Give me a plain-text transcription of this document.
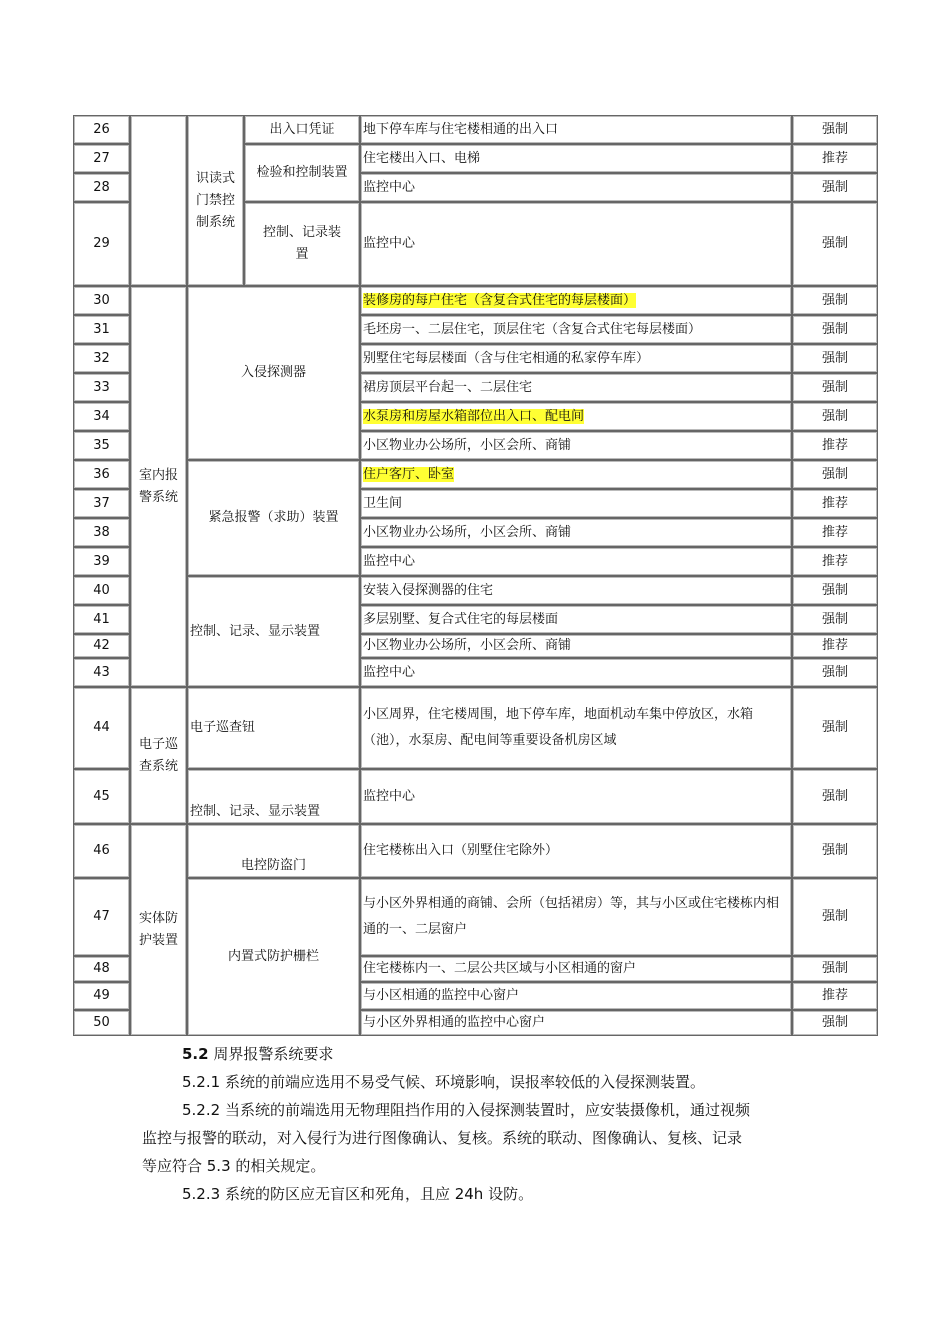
26		识读式门禁控制系统	出入口凭证	地下停车库与住宅楼相通的出入口	强制
27			检验和控制装置	住宅楼出入口、电梯	推荐
28				监控中心	强制
29			控制、记录装置	监控中心	强制
30	室内报警系统	入侵探测器		装修房的每户住宅（含复合式住宅的每层楼面）	强制
31				毛坯房一、二层住宅，顶层住宅（含复合式住宅每层楼面）	强制
32				别墅住宅每层楼面（含与住宅相通的私家停车库）	强制
33				裙房顶层平台起一、二层住宅	强制
34				水泵房和房屋水箱部位出入口、配电间	强制
35				小区物业办公场所，小区会所、商铺	推荐
36		紧急报警（求助）装置		住户客厅、卧室	强制
37				卫生间	推荐
38				小区物业办公场所，小区会所、商铺	推荐
39				监控中心	推荐
40		控制、记录、显示装置		安装入侵探测器的住宅	强制
41				多层别墅、复合式住宅的每层楼面	强制
42				小区物业办公场所，小区会所、商铺	推荐
43				监控中心	强制
44	电子巡查系统	电子巡查钮		小区周界，住宅楼周围，地下停车库，地面机动车集中停放区，水箱（池），水泵房、配电间等重要设备机房区域	强制
45		控制、记录、显示装置		监控中心	强制
46	实体防护装置	电控防盗门		住宅楼栋出入口（别墅住宅除外）	强制
47		内置式防护栅栏		与小区外界相通的商铺、会所（包括裙房）等，其与小区或住宅楼栋内相通的一、二层窗户	强制
48				住宅楼栋内一、二层公共区域与小区相通的窗户	强制
49				与小区相通的监控中心窗户	推荐
50				与小区外界相通的监控中心窗户	强制

5.2 周界报警系统要求

5.2.1 系统的前端应选用不易受气候、环境影响，误报率较低的入侵探测装置。

5.2.2 当系统的前端选用无物理阻挡作用的入侵探测装置时，应安装摄像机，通过视频

监控与报警的联动，对入侵行为进行图像确认、复核。系统的联动、图像确认、复核、记录

等应符合 5.3 的相关规定。

5.2.3 系统的防区应无盲区和死角，且应 24h 设防。
